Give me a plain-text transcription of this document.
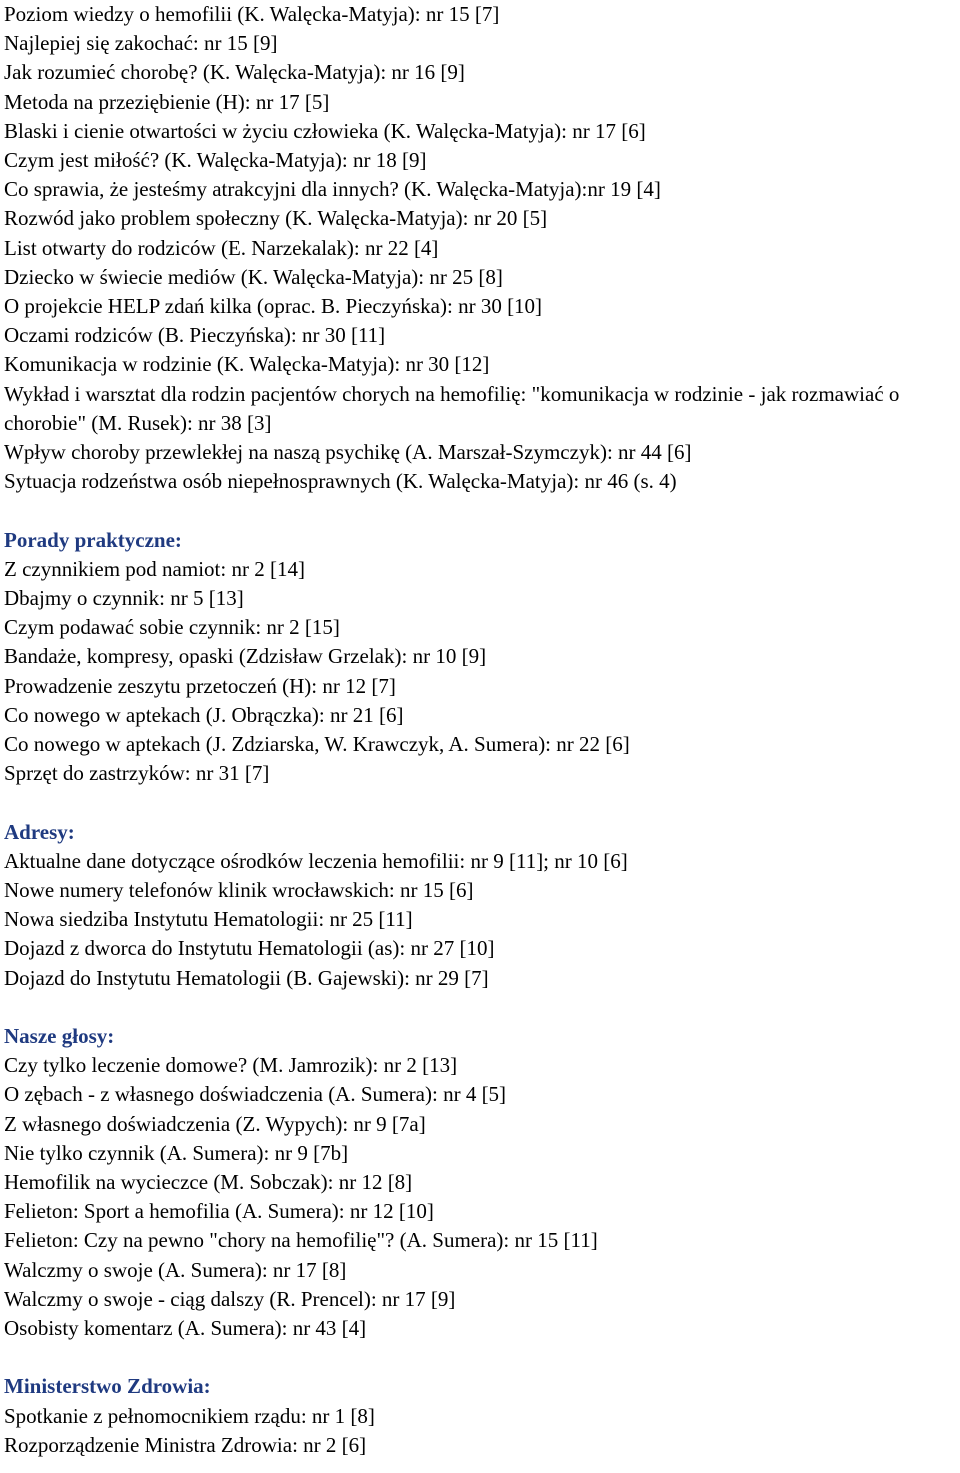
Poziom wiedzy o hemofilii (K. Walęcka-Matyja): nr 15 [7]

Najlepiej się zakochać: nr 15 [9]

Jak rozumieć chorobę? (K. Walęcka-Matyja): nr 16 [9]

Metoda na przeziębienie (H): nr 17 [5]

Blaski i cienie otwartości w życiu człowieka (K. Walęcka-Matyja): nr 17 [6]

Czym jest miłość? (K. Walęcka-Matyja): nr 18 [9]

Co sprawia, że jesteśmy atrakcyjni dla innych? (K. Walęcka-Matyja):nr 19 [4]

Rozwód jako problem społeczny (K. Walęcka-Matyja): nr 20 [5]

List otwarty do rodziców (E. Narzekalak): nr 22 [4]

Dziecko w świecie mediów (K. Walęcka-Matyja): nr 25 [8]

O projekcie HELP zdań kilka (oprac. B. Pieczyńska): nr 30 [10]

Oczami rodziców (B. Pieczyńska): nr 30 [11]

Komunikacja w rodzinie (K. Walęcka-Matyja): nr 30 [12]

Wykład i warsztat dla rodzin pacjentów chorych na hemofilię: "komunikacja w rodzinie - jak rozmawiać o chorobie" (M. Rusek): nr 38 [3]

Wpływ choroby przewlekłej na naszą psychikę (A. Marszał-Szymczyk): nr 44 [6]

Sytuacja rodzeństwa osób niepełnosprawnych (K. Walęcka-Matyja): nr 46 (s. 4)

Porady praktyczne:

Z czynnikiem pod namiot: nr 2 [14]

Dbajmy o czynnik: nr 5 [13]

Czym podawać sobie czynnik: nr 2 [15]

Bandaże, kompresy, opaski (Zdzisław Grzelak): nr 10 [9]

Prowadzenie zeszytu przetoczeń (H): nr 12 [7]

Co nowego w aptekach (J. Obrączka): nr 21 [6]

Co nowego w aptekach (J. Zdziarska, W. Krawczyk, A. Sumera): nr 22 [6]

Sprzęt do zastrzyków: nr 31 [7]

Adresy:

Aktualne dane dotyczące ośrodków leczenia hemofilii: nr 9 [11]; nr 10 [6]

Nowe numery telefonów klinik wrocławskich: nr 15 [6]

Nowa siedziba Instytutu Hematologii: nr 25 [11]

Dojazd z dworca do Instytutu Hematologii (as): nr 27 [10]

Dojazd do Instytutu Hematologii (B. Gajewski): nr 29 [7]

Nasze głosy:

Czy tylko leczenie domowe? (M. Jamrozik): nr 2 [13]

O zębach - z własnego doświadczenia (A. Sumera): nr 4 [5]

Z własnego doświadczenia (Z. Wypych): nr 9 [7a]

Nie tylko czynnik (A. Sumera): nr 9 [7b]

Hemofilik na wycieczce (M. Sobczak): nr 12 [8]

Felieton: Sport a hemofilia (A. Sumera): nr 12 [10]

Felieton: Czy na pewno "chory na hemofilię"? (A. Sumera): nr 15 [11]

Walczmy o swoje (A. Sumera): nr 17 [8]

Walczmy o swoje - ciąg dalszy (R. Prencel): nr 17 [9]

Osobisty komentarz (A. Sumera): nr 43 [4]

Ministerstwo Zdrowia:

Spotkanie z pełnomocnikiem rządu: nr 1 [8]

Rozporządzenie Ministra Zdrowia: nr 2 [6]
